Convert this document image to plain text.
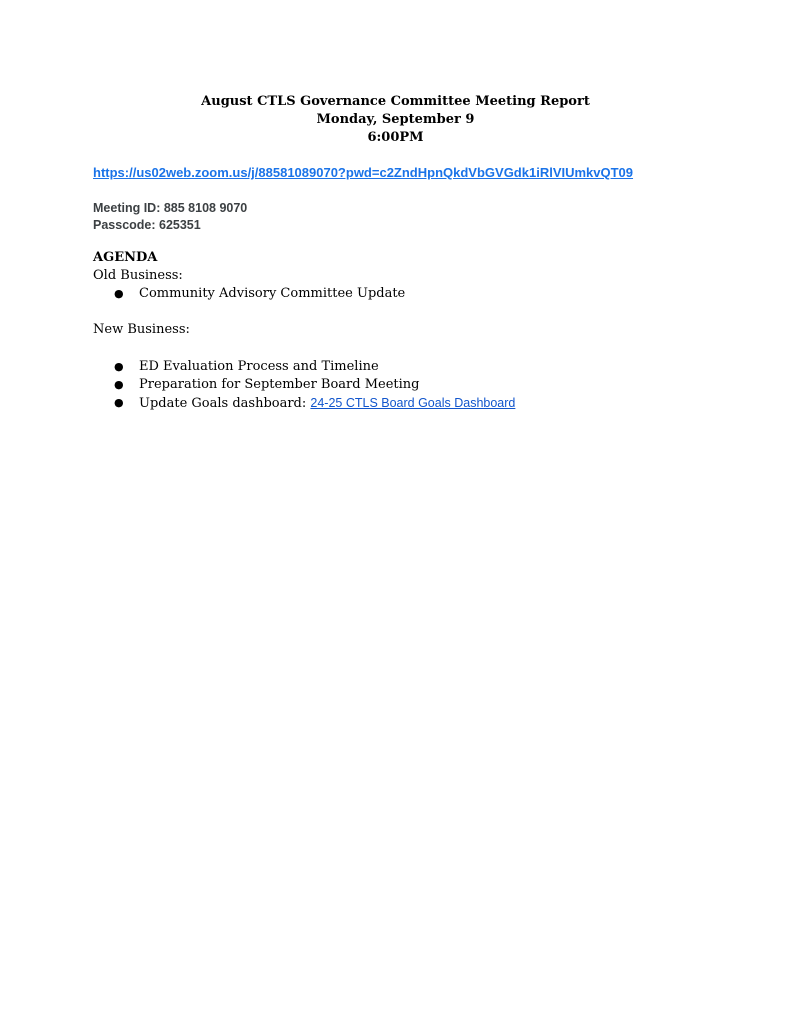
August CTLS Governance Committee Meeting Report
Monday, September 9
6:00PM
https://us02web.zoom.us/j/88581089070?pwd=c2ZndHpnQkdVbGVGdk1iRlVIUmkvQT09
Meeting ID: 885 8108 9070
Passcode: 625351
AGENDA
Old Business:
● Community Advisory Committee Update
New Business:
● ED Evaluation Process and Timeline
● Preparation for September Board Meeting
● Update Goals dashboard: 24-25 CTLS Board Goals Dashboard
